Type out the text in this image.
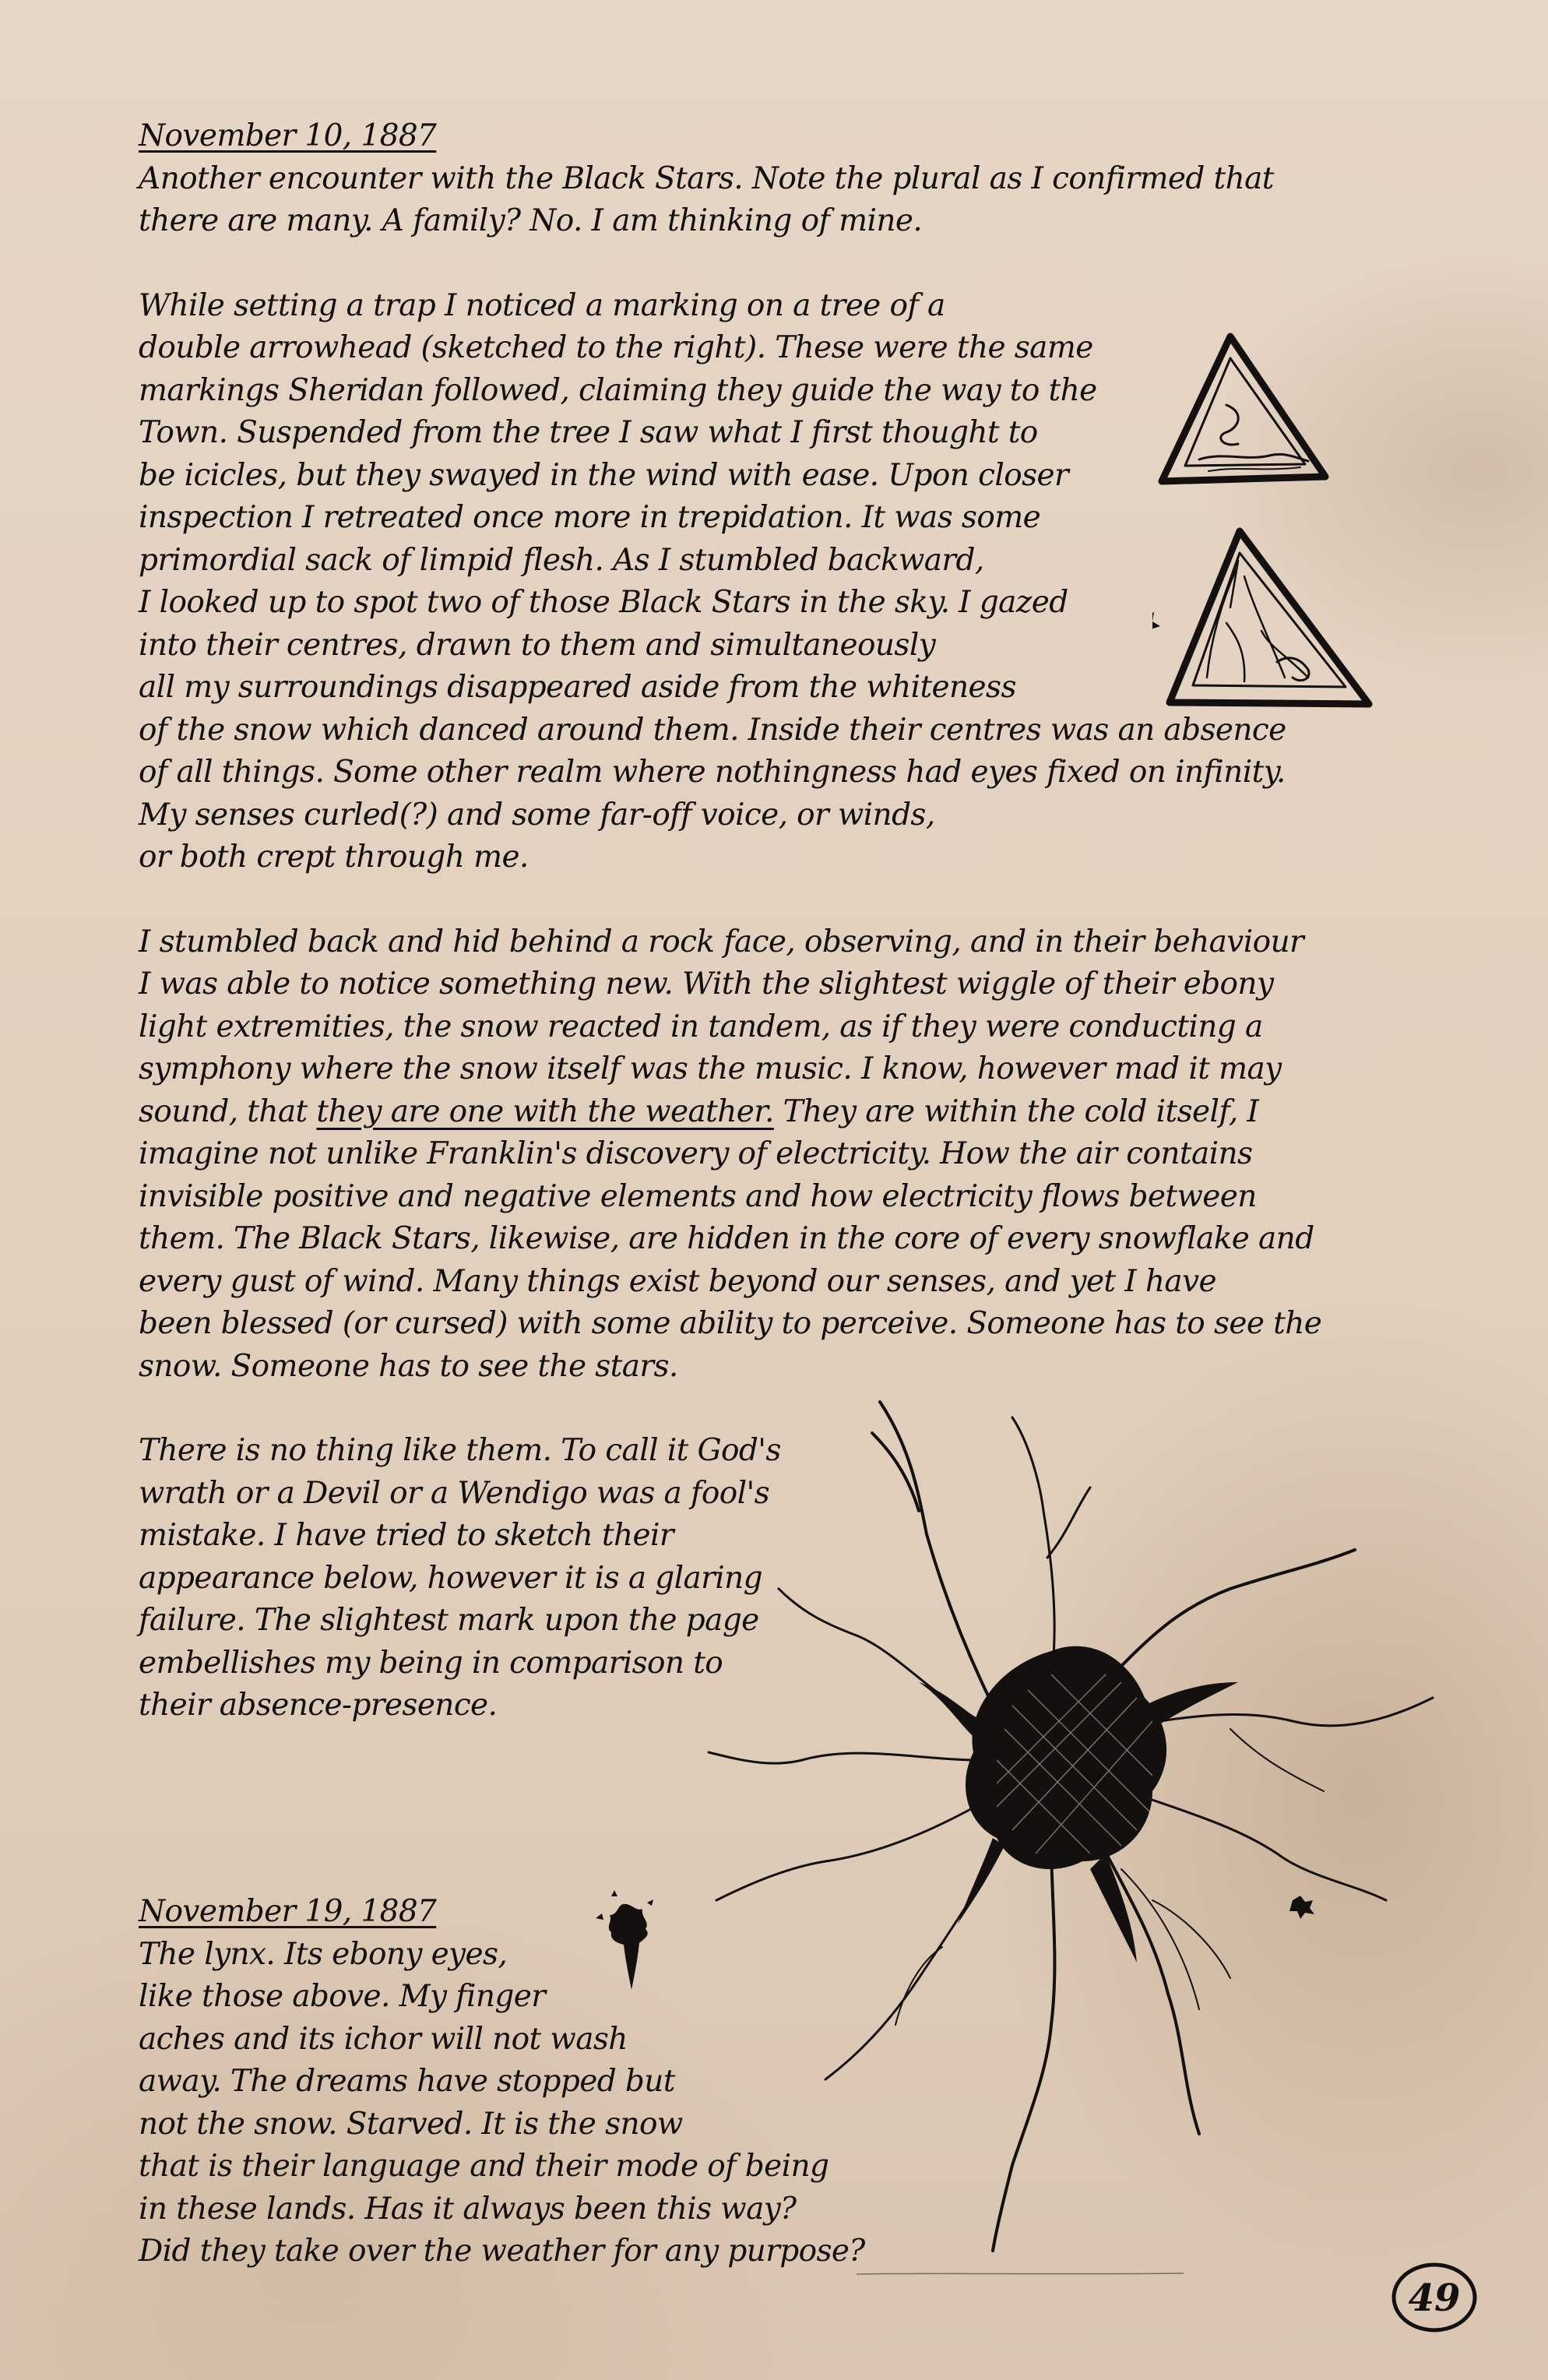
November 10, 1887
Another encounter with the Black Stars. Note the plural as I confirmed that
there are many. A family? No. I am thinking of mine.
While setting a trap I noticed a marking on a tree of a
double arrowhead (sketched to the right). These were the same
markings Sheridan followed, claiming they guide the way to the
Town. Suspended from the tree I saw what I first thought to
be icicles, but they swayed in the wind with ease. Upon closer
inspection I retreated once more in trepidation. It was some
primordial sack of limpid flesh. As I stumbled backward,
I looked up to spot two of those Black Stars in the sky. I gazed
into their centres, drawn to them and simultaneously
all my surroundings disappeared aside from the whiteness
of the snow which danced around them. Inside their centres was an absence
of all things. Some other realm where nothingness had eyes fixed on infinity.
My senses curled(?) and some far-off voice, or winds,
or both crept through me.
I stumbled back and hid behind a rock face, observing, and in their behaviour
I was able to notice something new. With the slightest wiggle of their ebony
light extremities, the snow reacted in tandem, as if they were conducting a
symphony where the snow itself was the music. I know, however mad it may
sound, that they are one with the weather. They are within the cold itself, I
imagine not unlike Franklin's discovery of electricity. How the air contains
invisible positive and negative elements and how electricity flows between
them. The Black Stars, likewise, are hidden in the core of every snowflake and
every gust of wind. Many things exist beyond our senses, and yet I have
been blessed (or cursed) with some ability to perceive. Someone has to see the
snow. Someone has to see the stars.
There is no thing like them. To call it God's
wrath or a Devil or a Wendigo was a fool's
mistake. I have tried to sketch their
appearance below, however it is a glaring
failure. The slightest mark upon the page
embellishes my being in comparison to
their absence-presence.
November 19, 1887
The lynx. Its ebony eyes,
like those above. My finger
aches and its ichor will not wash
away. The dreams have stopped but
not the snow. Starved. It is the snow
that is their language and their mode of being
in these lands. Has it always been this way?
Did they take over the weather for any purpose?
49
